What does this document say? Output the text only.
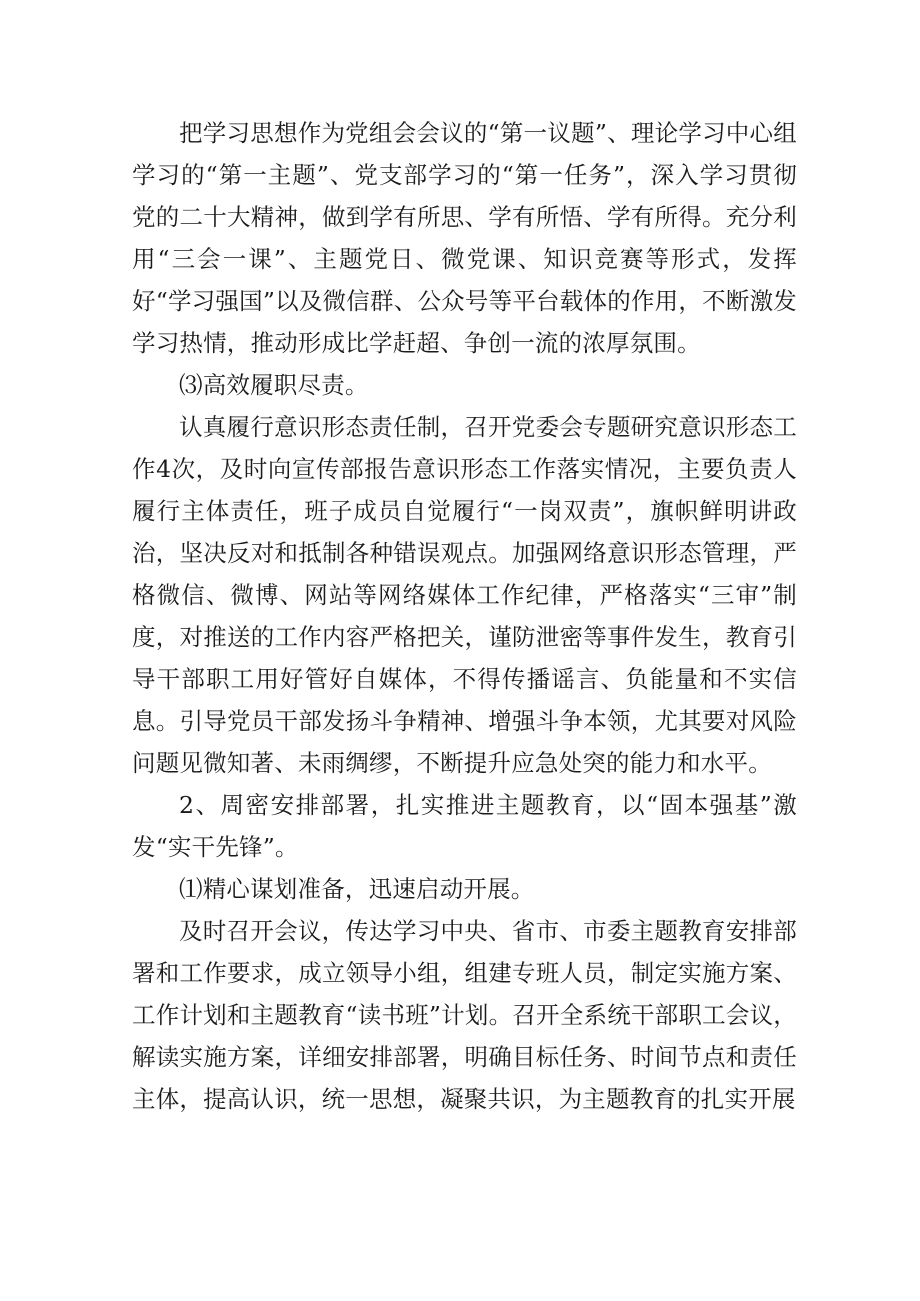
把学习思想作为党组会会议的“第一议题”、理论学习中心组学习的“第一主题”、党支部学习的“第一任务”，深入学习贯彻党的二十大精神，做到学有所思、学有所悟、学有所得。充分利用“三会一课”、主题党日、微党课、知识竞赛等形式，发挥好“学习强国”以及微信群、公众号等平台载体的作用，不断激发学习热情，推动形成比学赶超、争创一流的浓厚氛围。

⑶高效履职尽责。

认真履行意识形态责任制，召开党委会专题研究意识形态工作4次，及时向宣传部报告意识形态工作落实情况，主要负责人履行主体责任，班子成员自觉履行“一岗双责”，旗帜鲜明讲政治，坚决反对和抵制各种错误观点。加强网络意识形态管理，严格微信、微博、网站等网络媒体工作纪律，严格落实“三审”制度，对推送的工作内容严格把关，谨防泄密等事件发生，教育引导干部职工用好管好自媒体，不得传播谣言、负能量和不实信息。引导党员干部发扬斗争精神、增强斗争本领，尤其要对风险问题见微知著、未雨绸缪，不断提升应急处突的能力和水平。

2、周密安排部署，扎实推进主题教育，以“固本强基”激发“实干先锋”。

⑴精心谋划准备，迅速启动开展。

及时召开会议，传达学习中央、省市、市委主题教育安排部署和工作要求，成立领导小组，组建专班人员，制定实施方案、工作计划和主题教育“读书班”计划。召开全系统干部职工会议，解读实施方案，详细安排部署，明确目标任务、时间节点和责任主体，提高认识，统一思想，凝聚共识，为主题教育的扎实开展
